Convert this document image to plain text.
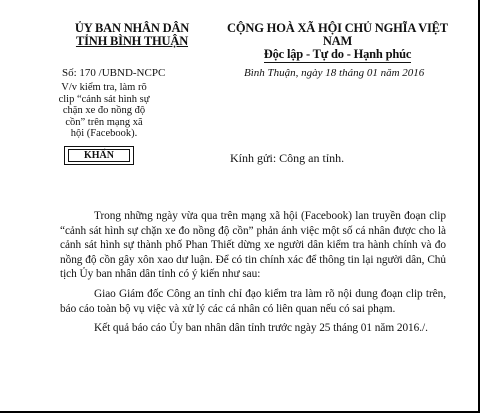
ỦY BAN NHÂN DÂN
TỈNH BÌNH THUẬN
CỘNG HOÀ XÃ HỘI CHỦ NGHĨA VIỆT NAM
Độc lập - Tự do - Hạnh phúc
Số: 170 /UBND-NCPC	Bình Thuận, ngày 18 tháng 01 năm 2016
V/v kiểm tra, làm rõ clip “cảnh sát hình sự chặn xe đo nồng độ cồn” trên mạng xã hội (Facebook).
KHẨN	Kính gửi: Công an tỉnh.

Trong những ngày vừa qua trên mạng xã hội (Facebook) lan truyền đoạn clip “cảnh sát hình sự chặn xe đo nồng độ cồn” phản ánh việc một số cá nhân được cho là cảnh sát hình sự thành phố Phan Thiết dừng xe người dân kiểm tra hành chính và đo nồng độ cồn gây xôn xao dư luận. Để có tin chính xác để thông tin lại người dân, Chủ tịch Ủy ban nhân dân tỉnh có ý kiến như sau:

Giao Giám đốc Công an tỉnh chỉ đạo kiểm tra làm rõ nội dung đoạn clip trên, báo cáo toàn bộ vụ việc và xử lý các cá nhân có liên quan nếu có sai phạm.

Kết quả báo cáo Ủy ban nhân dân tỉnh trước ngày 25 tháng 01 năm 2016./.
